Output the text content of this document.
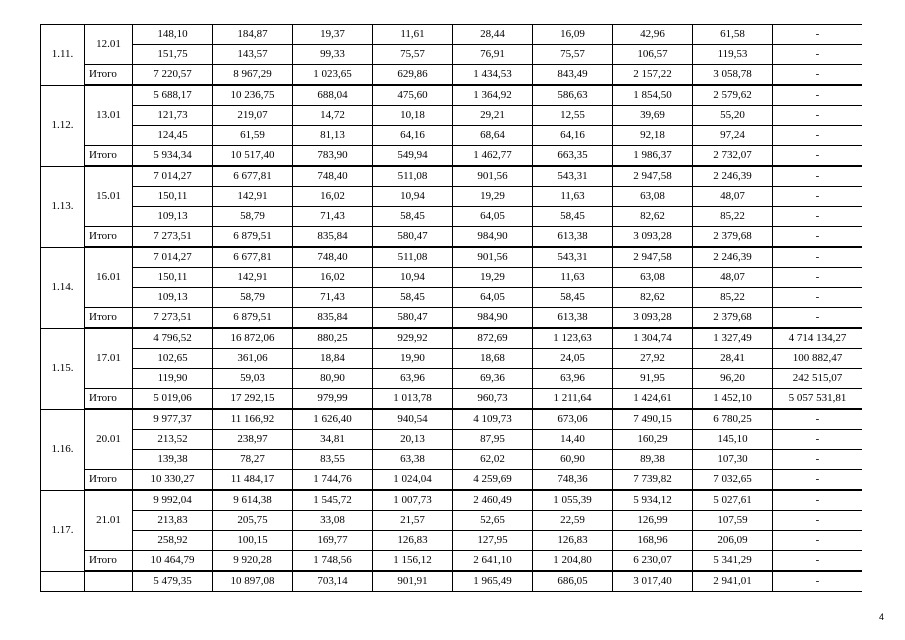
1.11.	12.01	148,10	184,87	19,37	11,61	28,44	16,09	42,96	61,58	-
		151,75	143,57	99,33	75,57	76,91	75,57	106,57	119,53	-
	Итого	7 220,57	8 967,29	1 023,65	629,86	1 434,53	843,49	2 157,22	3 058,78	-
1.12.	13.01	5 688,17	10 236,75	688,04	475,60	1 364,92	586,63	1 854,50	2 579,62	-
		121,73	219,07	14,72	10,18	29,21	12,55	39,69	55,20	-
		124,45	61,59	81,13	64,16	68,64	64,16	92,18	97,24	-
	Итого	5 934,34	10 517,40	783,90	549,94	1 462,77	663,35	1 986,37	2 732,07	-
1.13.	15.01	7 014,27	6 677,81	748,40	511,08	901,56	543,31	2 947,58	2 246,39	-
		150,11	142,91	16,02	10,94	19,29	11,63	63,08	48,07	-
		109,13	58,79	71,43	58,45	64,05	58,45	82,62	85,22	-
	Итого	7 273,51	6 879,51	835,84	580,47	984,90	613,38	3 093,28	2 379,68	-
1.14.	16.01	7 014,27	6 677,81	748,40	511,08	901,56	543,31	2 947,58	2 246,39	-
		150,11	142,91	16,02	10,94	19,29	11,63	63,08	48,07	-
		109,13	58,79	71,43	58,45	64,05	58,45	82,62	85,22	-
	Итого	7 273,51	6 879,51	835,84	580,47	984,90	613,38	3 093,28	2 379,68	-
1.15.	17.01	4 796,52	16 872,06	880,25	929,92	872,69	1 123,63	1 304,74	1 327,49	4 714 134,27
		102,65	361,06	18,84	19,90	18,68	24,05	27,92	28,41	100 882,47
		119,90	59,03	80,90	63,96	69,36	63,96	91,95	96,20	242 515,07
	Итого	5 019,06	17 292,15	979,99	1 013,78	960,73	1 211,64	1 424,61	1 452,10	5 057 531,81
1.16.	20.01	9 977,37	11 166,92	1 626,40	940,54	4 109,73	673,06	7 490,15	6 780,25	-
		213,52	238,97	34,81	20,13	87,95	14,40	160,29	145,10	-
		139,38	78,27	83,55	63,38	62,02	60,90	89,38	107,30	-
	Итого	10 330,27	11 484,17	1 744,76	1 024,04	4 259,69	748,36	7 739,82	7 032,65	-
1.17.	21.01	9 992,04	9 614,38	1 545,72	1 007,73	2 460,49	1 055,39	5 934,12	5 027,61	-
		213,83	205,75	33,08	21,57	52,65	22,59	126,99	107,59	-
		258,92	100,15	169,77	126,83	127,95	126,83	168,96	206,09	-
	Итого	10 464,79	9 920,28	1 748,56	1 156,12	2 641,10	1 204,80	6 230,07	5 341,29	-
		5 479,35	10 897,08	703,14	901,91	1 965,49	686,05	3 017,40	2 941,01	-
4
